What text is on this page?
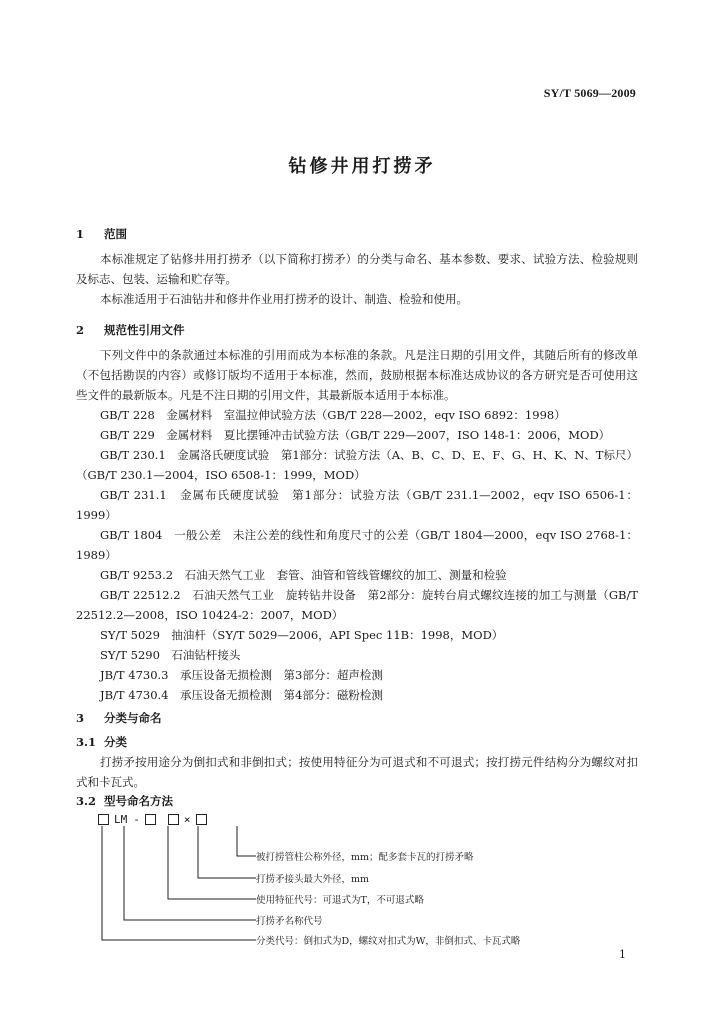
SY/T 5069—2009
钻修井用打捞矛
1 范围
本标准规定了钻修井用打捞矛（以下简称打捞矛）的分类与命名、基本参数、要求、试验方法、检验规则及标志、包装、运输和贮存等。
本标准适用于石油钻井和修井作业用打捞矛的设计、制造、检验和使用。
2 规范性引用文件
下列文件中的条款通过本标准的引用而成为本标准的条款。凡是注日期的引用文件，其随后所有的修改单（不包括勘误的内容）或修订版均不适用于本标准，然而，鼓励根据本标准达成协议的各方研究是否可使用这些文件的最新版本。凡是不注日期的引用文件，其最新版本适用于本标准。
GB/T 228　金属材料　室温拉伸试验方法（GB/T 228—2002，eqv ISO 6892：1998）
GB/T 229　金属材料　夏比摆锤冲击试验方法（GB/T 229—2007，ISO 148-1：2006，MOD）
GB/T 230.1　金属洛氏硬度试验　第1部分：试验方法（A、B、C、D、E、F、G、H、K、N、T标尺）（GB/T 230.1—2004，ISO 6508-1：1999，MOD）
GB/T 231.1　金属布氏硬度试验　第1部分：试验方法（GB/T 231.1—2002，eqv ISO 6506-1：1999）
GB/T 1804　一般公差　未注公差的线性和角度尺寸的公差（GB/T 1804—2000，eqv ISO 2768-1：1989）
GB/T 9253.2　石油天然气工业　套管、油管和管线管螺纹的加工、测量和检验
GB/T 22512.2　石油天然气工业　旋转钻井设备　第2部分：旋转台肩式螺纹连接的加工与测量（GB/T 22512.2—2008，ISO 10424-2：2007，MOD）
SY/T 5029　抽油杆（SY/T 5029—2006，API Spec 11B：1998，MOD）
SY/T 5290　石油钻杆接头
JB/T 4730.3　承压设备无损检测　第3部分：超声检测
JB/T 4730.4　承压设备无损检测　第4部分：磁粉检测
3 分类与命名
3.1 分类
打捞矛按用途分为倒扣式和非倒扣式；按使用特征分为可退式和不可退式；按打捞元件结构分为螺纹对扣式和卡瓦式。
3.2 型号命名方法
LM -	×
被打捞管柱公称外径，mm；配多套卡瓦的打捞矛略
打捞矛接头最大外径，mm
使用特征代号：可退式为T，不可退式略
打捞矛名称代号
分类代号：倒扣式为D，螺纹对扣式为W，非倒扣式、卡瓦式略
1
